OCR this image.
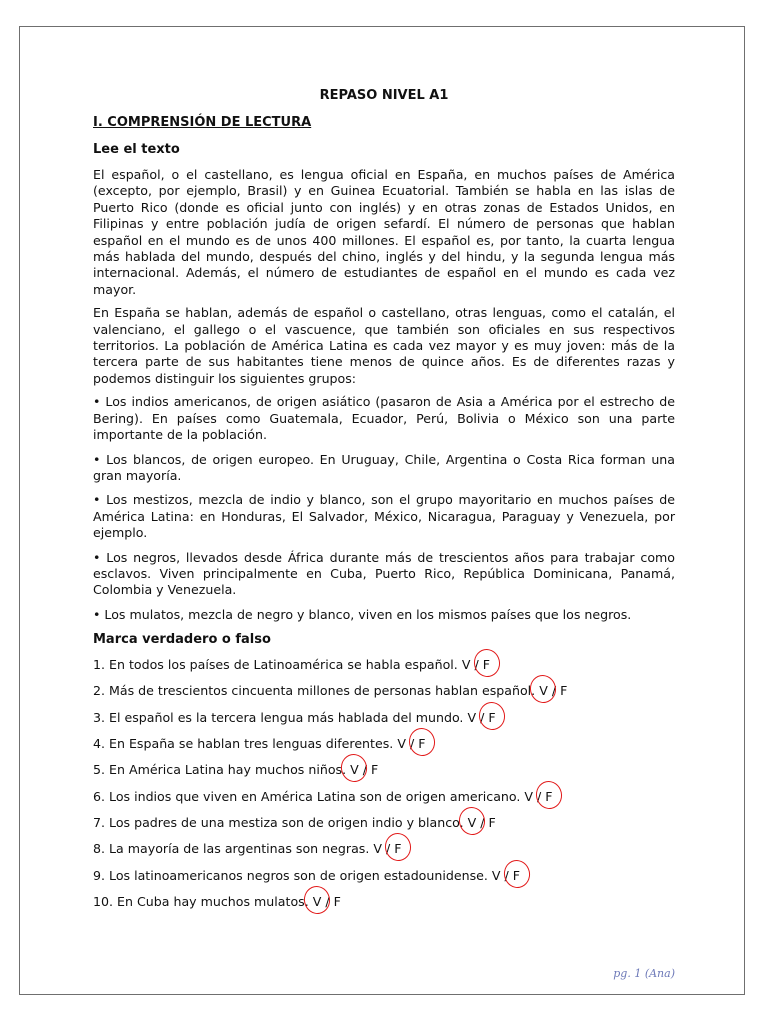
REPASO NIVEL A1

I. COMPRENSIÓN DE LECTURA

Lee el texto

El español, o el castellano, es lengua oficial en España, en muchos países de América (excepto, por ejemplo, Brasil) y en Guinea Ecuatorial. También se habla en las islas de Puerto Rico (donde es oficial junto con inglés) y en otras zonas de Estados Unidos, en Filipinas y entre población judía de origen sefardí. El número de personas que hablan español en el mundo es de unos 400 millones. El español es, por tanto, la cuarta lengua más hablada del mundo, después del chino, inglés y del hindu, y la segunda lengua más internacional. Además, el número de estudiantes de español en el mundo es cada vez mayor.

En España se hablan, además de español o castellano, otras lenguas, como el catalán, el valenciano, el gallego o el vascuence, que también son oficiales en sus respectivos territorios. La población de América Latina es cada vez mayor y es muy joven: más de la tercera parte de sus habitantes tiene menos de quince años. Es de diferentes razas y podemos distinguir los siguientes grupos:

• Los indios americanos, de origen asiático (pasaron de Asia a América por el estrecho de Bering). En países como Guatemala, Ecuador, Perú, Bolivia o México son una parte importante de la población.

• Los blancos, de origen europeo. En Uruguay, Chile, Argentina o Costa Rica forman una gran mayoría.

• Los mestizos, mezcla de indio y blanco, son el grupo mayoritario en muchos países de América Latina: en Honduras, El Salvador, México, Nicaragua, Paraguay y Venezuela, por ejemplo.

• Los negros, llevados desde África durante más de trescientos años para trabajar como esclavos. Viven principalmente en Cuba, Puerto Rico, República Dominicana, Panamá, Colombia y Venezuela.

• Los mulatos, mezcla de negro y blanco, viven en los mismos países que los negros.

Marca verdadero o falso

1. En todos los países de Latinoamérica se habla español. V / F
2. Más de trescientos cincuenta millones de personas hablan español. V
/ F
3. El español es la tercera lengua más hablada del mundo. V / F
4. En España se hablan tres lenguas diferentes. V / F
5. En América Latina hay muchos niños. V
/ F
6. Los indios que viven en América Latina son de origen americano. V / F
7. Los padres de una mestiza son de origen indio y blanco. V
/ F
8. La mayoría de las argentinas son negras. V / F
9. Los latinoamericanos negros son de origen estadounidense. V / F
10. En Cuba hay muchos mulatos. V
/ F
pg. 1 (Ana)
